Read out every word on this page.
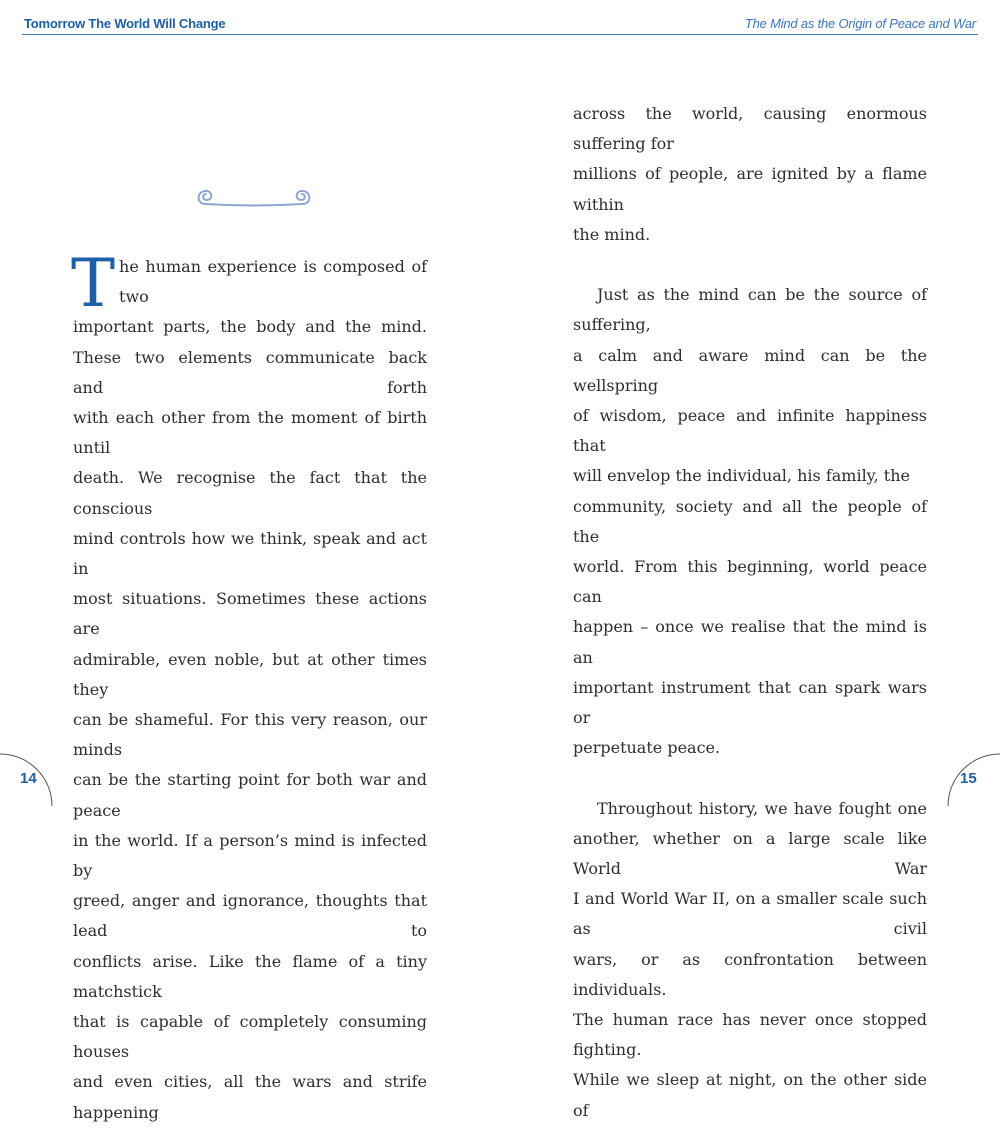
Tomorrow The World Will Change	The Mind as the Origin of Peace and War

The human experience is composed of two
important parts, the body and the mind.
These two elements communicate back and forth
with each other from the moment of birth until
death. We recognise the fact that the conscious
mind controls how we think, speak and act in
most situations. Sometimes these actions are
admirable, even noble, but at other times they
can be shameful. For this very reason, our minds
can be the starting point for both war and peace
in the world. If a person’s mind is infected by
greed, anger and ignorance, thoughts that lead to
conflicts arise. Like the flame of a tiny matchstick
that is capable of completely consuming houses
and even cities, all the wars and strife happening

across the world, causing enormous suffering for
millions of people, are ignited by a flame within
the mind.

Just as the mind can be the source of suffering,
a calm and aware mind can be the wellspring
of wisdom, peace and infinite happiness that
will envelop the individual, his family, the
community, society and all the people of the
world. From this beginning, world peace can
happen – once we realise that the mind is an
important instrument that can spark wars or
perpetuate peace.

Throughout history, we have fought one
another, whether on a large scale like World War
I and World War II, on a smaller scale such as civil
wars, or as confrontation between individuals.
The human race has never once stopped fighting.
While we sleep at night, on the other side of

14	15
